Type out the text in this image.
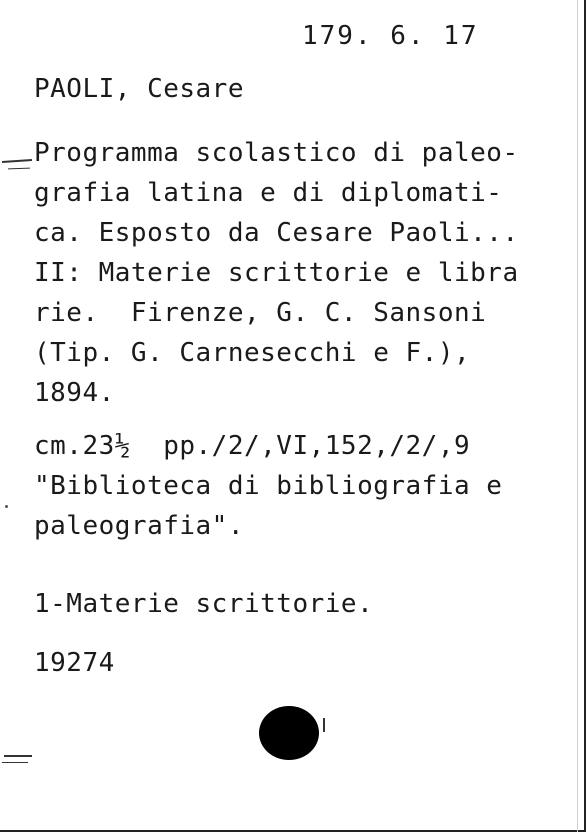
179. 6. 17
PAOLI, Cesare
Programma scolastico di paleo-
grafia latina e di diplomati-
ca. Esposto da Cesare Paoli...
II: Materie scrittorie e libra
rie.  Firenze, G. C. Sansoni
(Tip. G. Carnesecchi e F.),
1894.
cm.23½  pp./2/,VI,152,/2/,9
"Biblioteca di bibliografia e
paleografia".
1-Materie scrittorie.
19274
